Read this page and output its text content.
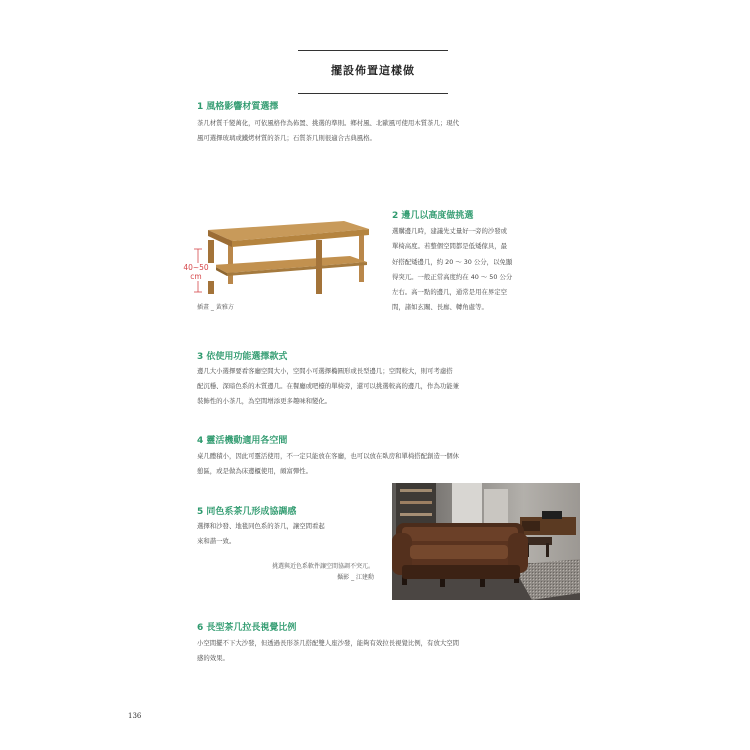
擺設佈置這樣做
1 風格影響材質選擇
茶几材質千變萬化，可依風格作為佈置、挑選的準則。鄉村風、北歐風可使用木質茶几；現代
風可選擇玻璃或鐵烤材質的茶几；石質茶几則很適合古典風格。
40~50
cm
插畫 _ 黃雅方
2 邊几以高度做挑選
選購邊几時，建議先丈量好一旁的沙發或
單椅高度。若整個空間都是低矮傢具，最
好搭配矮邊几，約 20 ～ 30 公分，以免顯
得突兀。一般正常高度約在 40 ～ 50 公分
左右。高一點的邊几，通常是用在界定空
間，諸如玄關、長廊、轉角處等。
3 依使用功能選擇款式
邊几大小選擇要看客廳空間大小，空間小可選擇橢圓形或長型邊几；空間較大，則可考慮搭
配沉穩、深暗色系的木質邊几。在餐廳或吧檯的單椅旁，還可以挑選較高的邊几，作為功能兼
裝飾性的小茶几，為空間增添更多趣味和變化。
4 靈活機動適用各空間
桌几體積小，因此可靈活使用，不一定只能放在客廳，也可以放在臥房和單椅搭配創造一個休
憩區，或是做為床邊櫃使用，頗富彈性。
5 同色系茶几形成協調感
選擇和沙發、地毯同色系的茶几，讓空間看起
來和諧一致。
挑選與近色系軟件讓空間協調不突兀。
攝影 _ 江建勳
6 長型茶几拉長視覺比例
小空間擺不下大沙發，但透過長形茶几搭配雙人座沙發，能夠有效拉長視覺比例，有放大空間
感的效果。
136
